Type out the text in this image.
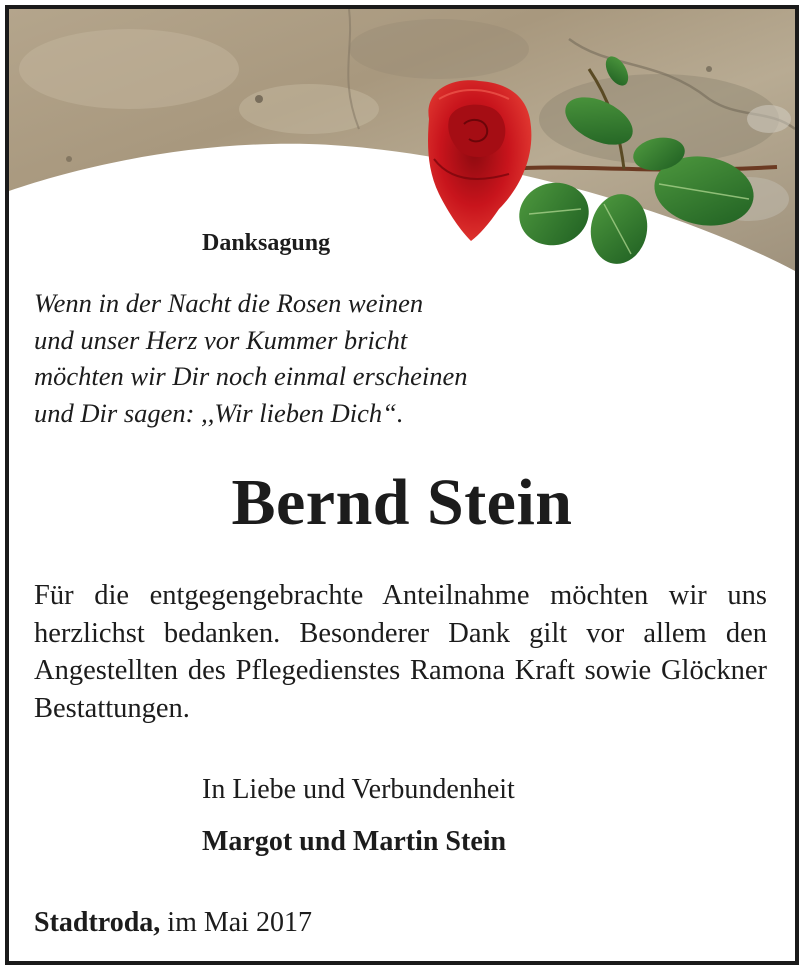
Danksagung

Wenn in der Nacht die Rosen weinen
und unser Herz vor Kummer bricht
möchten wir Dir noch einmal erscheinen
und Dir sagen: ,,Wir lieben Dich“.

Bernd Stein

Für die entgegengebrachte Anteilnahme möchten wir uns herzlichst bedanken. Besonderer Dank gilt vor allem den Angestellten des Pflegedienstes Ramona Kraft sowie Glöckner Bestattungen.

In Liebe und Verbundenheit

Margot und Martin Stein

Stadtroda, im Mai 2017
